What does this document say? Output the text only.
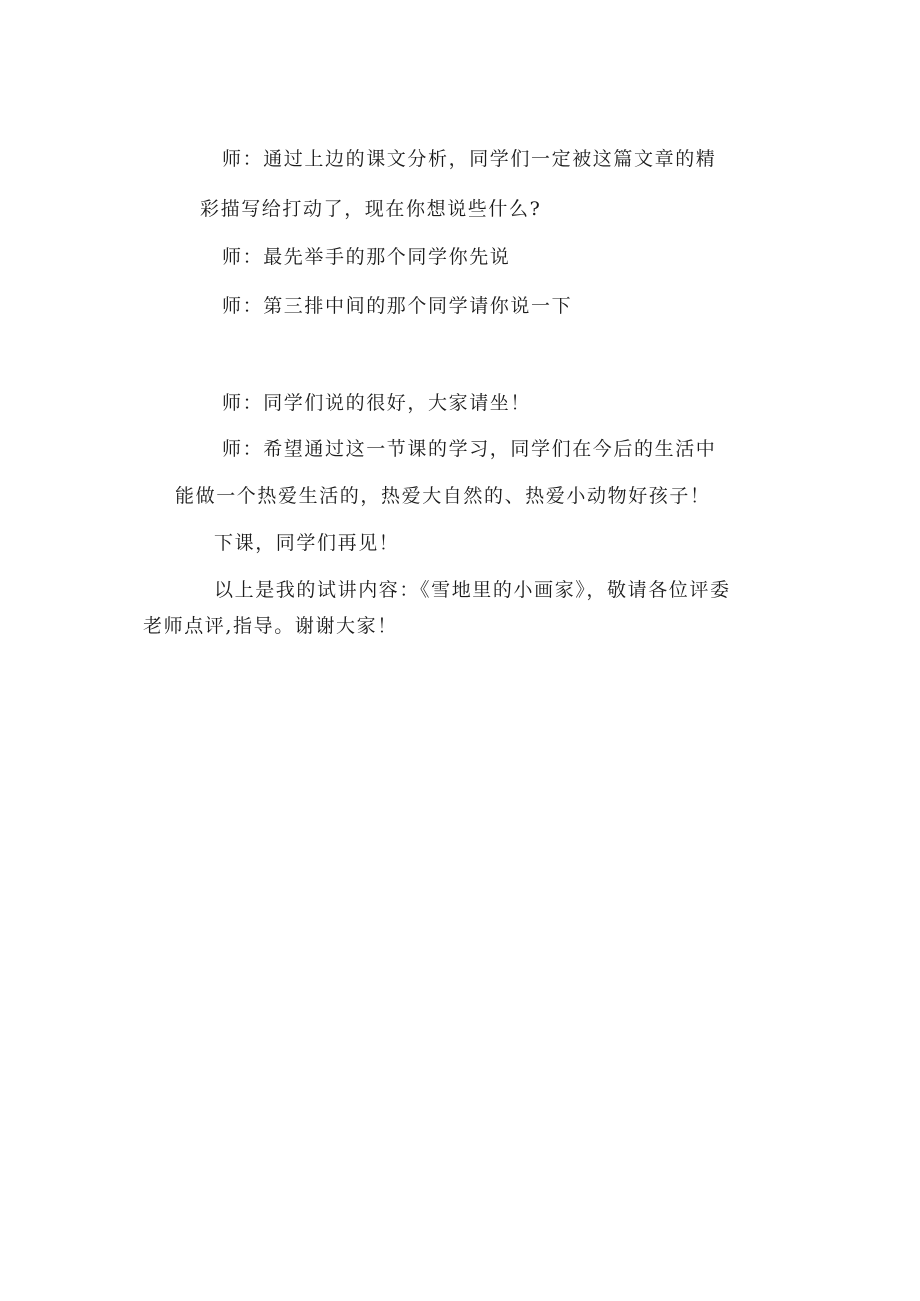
师：通过上边的课文分析，同学们一定被这篇文章的精

彩描写给打动了，现在你想说些什么?

师：最先举手的那个同学你先说

师：第三排中间的那个同学请你说一下

师：同学们说的很好，大家请坐！

师：希望通过这一节课的学习，同学们在今后的生活中

能做一个热爱生活的，热爱大自然的、热爱小动物好孩子！

下课，同学们再见！

以上是我的试讲内容：《雪地里的小画家》，敬请各位评委

老师点评,指导。谢谢大家！
